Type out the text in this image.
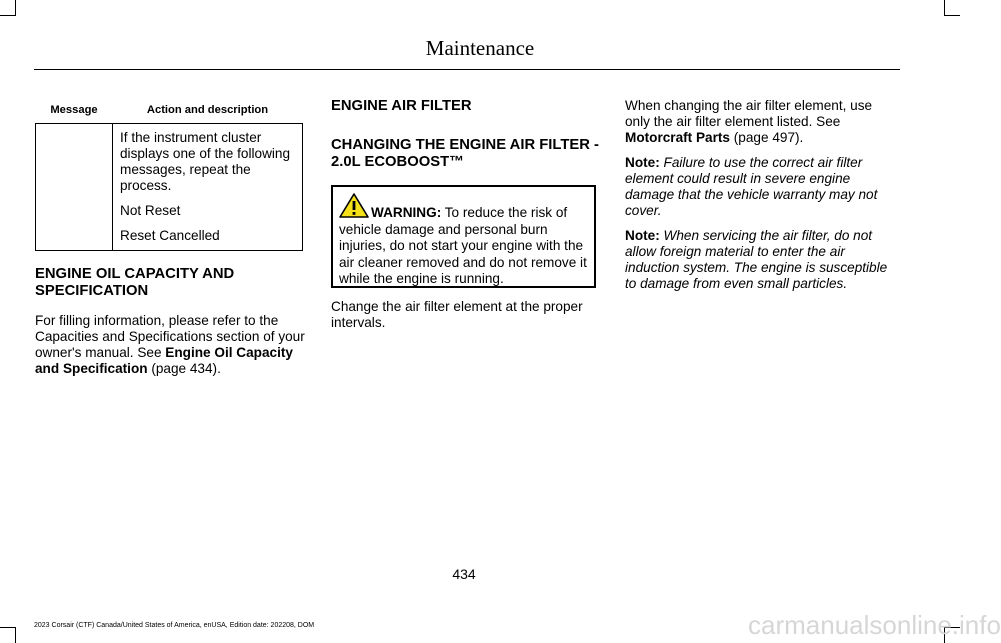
Maintenance
Message	Action and description

	If the instrument cluster displays one of the following messages, repeat the process.

Not Reset

Reset Cancelled

ENGINE OIL CAPACITY AND SPECIFICATION

For filling information, please refer to the Capacities and Specifications section of your owner's manual. See Engine Oil Capacity and Specification (page 434).

ENGINE AIR FILTER

CHANGING THE ENGINE AIR FILTER - 2.0L ECOBOOST™

WARNING: To reduce the risk of vehicle damage and personal burn injuries, do not start your engine with the air cleaner removed and do not remove it while the engine is running.

Change the air filter element at the proper intervals.

When changing the air filter element, use only the air filter element listed. See Motorcraft Parts (page 497).

Note: Failure to use the correct air filter element could result in severe engine damage that the vehicle warranty may not cover.

Note: When servicing the air filter, do not allow foreign material to enter the air induction system. The engine is susceptible to damage from even small particles.

434
2023 Corsair (CTF) Canada/United States of America, enUSA, Edition date: 202208, DOM	carmanualsonline.info
